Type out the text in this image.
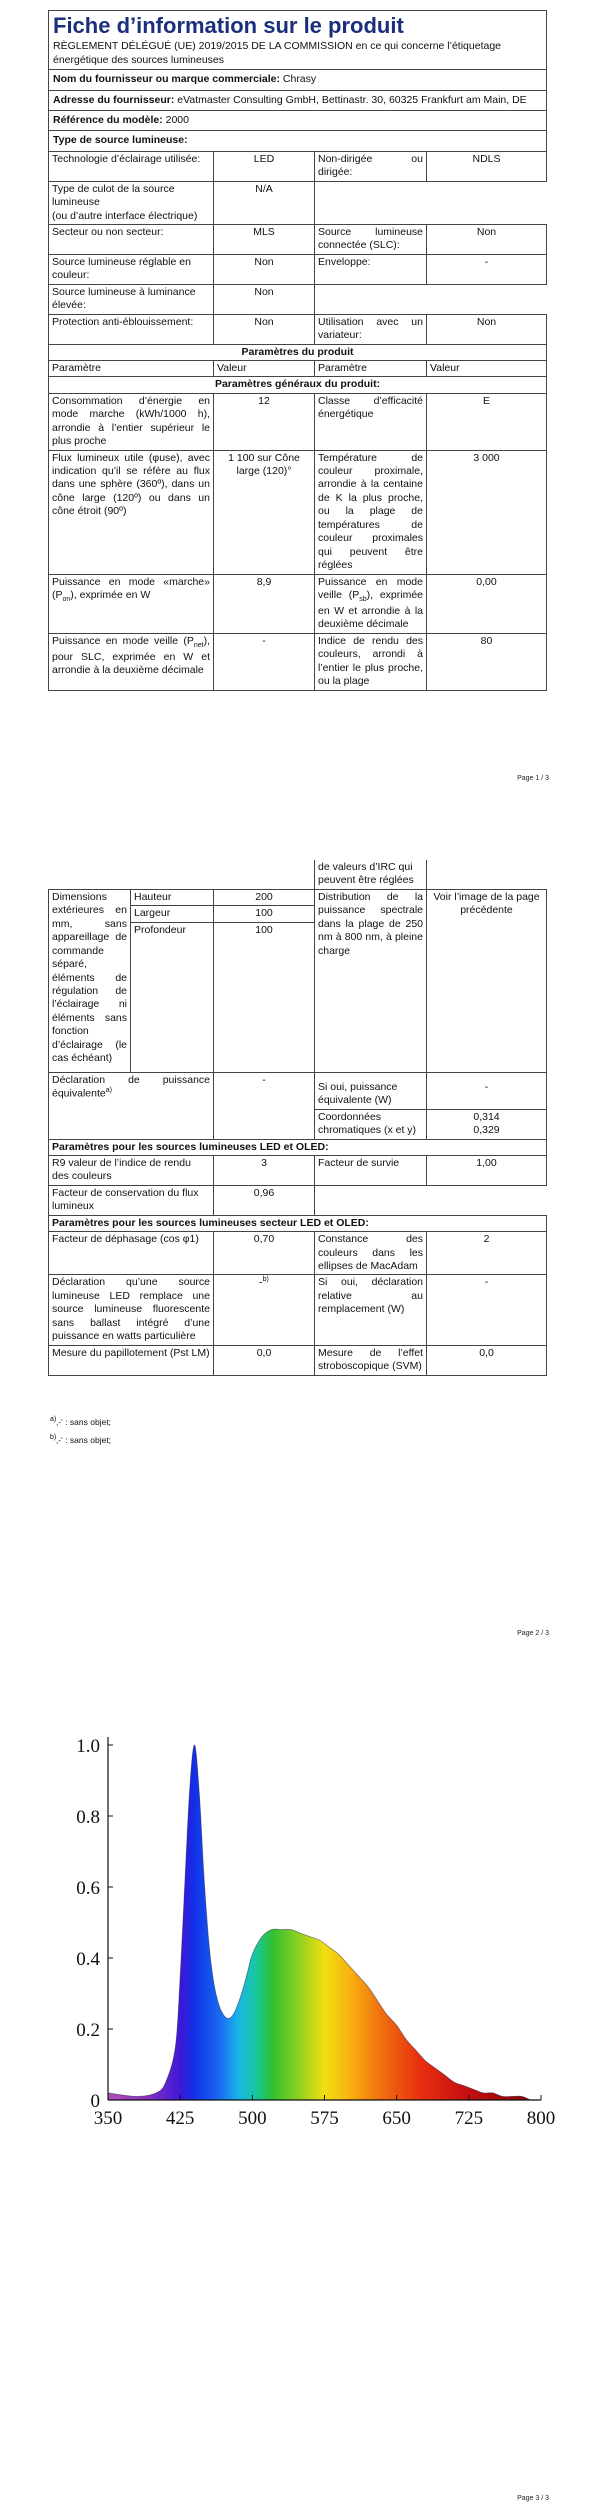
Fiche d’information sur le produit
RÈGLEMENT DÉLÉGUÉ (UE) 2019/2015 DE LA COMMISSION en ce qui concerne l’étiquetage énergétique des sources lumineuses			

Nom du fournisseur ou marque commerciale: Chrasy			
Adresse du fournisseur: eVatmaster Consulting GmbH, Bettinastr. 30, 60325 Frankfurt am Main, DE			
Référence du modèle: 2000			
Type de source lumineuse:			
Technologie d’éclairage utilisée:	LED	Non-dirigée ou dirigée:	NDLS
Type de culot de la source lumineuse
(ou d’autre interface électrique)	N/A		
Secteur ou non secteur:	MLS	Source lumineuse connectée (SLC):	Non
Source lumineuse réglable en couleur:	Non	Enveloppe:	-
Source lumineuse à luminance élevée:	Non		
Protection anti-éblouissement:	Non	Utilisation avec un variateur:	Non
Paramètres du produit			
Paramètre	Valeur	Paramètre	Valeur
Paramètres généraux du produit:			
Consommation d’énergie en mode marche (kWh/1000 h), arrondie à l’entier supérieur le plus proche	12	Classe d’efficacité énergétique	E
Flux lumineux utile (φuse), avec indication qu’il se réfère au flux dans une sphère (360º), dans un cône large (120º) ou dans un cône étroit (90º)	1 100 sur Cône large (120)°	Température de couleur proximale, arrondie à la centaine de K la plus proche, ou la plage de températures de couleur proximales qui peuvent être réglées	3 000
Puissance en mode «marche» $(P_{on})$, exprimée en W	8,9	Puissance en mode veille $(P_{sb})$, exprimée en W et arrondie à la deuxième décimale	0,00
Puissance en mode veille $(P_{net})$, pour SLC, exprimée en W et arrondie à la deuxième décimale	-	Indice de rendu des couleurs, arrondi à l’entier le plus proche, ou la plage	80
Page 1 / 3
			de valeurs d’IRC qui peuvent être réglées	
Dimensions extérieures en mm, sans appareillage de commande séparé, éléments de régulation de l’éclairage ni éléments sans fonction d’éclairage (le cas échéant)	Hauteur	200	Distribution de la puissance spectrale dans la plage de 250 nm à 800 nm, à pleine charge	Voir l’image de la page précédente
	Largeur	100		
	Profondeur	100		
Déclaration de puissance équivalente$^{a)}$		-	Si oui, puissance équivalente (W)	-
			Coordonnées chromatiques (x et y)	0,314
0,329

Paramètres pour les sources lumineuses LED et OLED:				
R9 valeur de l’indice de rendu des couleurs		3	Facteur de survie	1,00
Facteur de conservation du flux lumineux		0,96		
Paramètres pour les sources lumineuses secteur LED et OLED:				
Facteur de déphasage (cos φ1)		0,70	Constance des couleurs dans les ellipses de MacAdam	2
Déclaration qu’une source lumineuse LED remplace une source lumineuse fluorescente sans ballast intégré d’une puissance en watts particulière		-$^{b)}$	Si oui, déclaration relative au remplacement (W)	-
Mesure du papillotement (Pst LM)		0,0	Mesure de l’effet stroboscopique (SVM)	0,0
$^{a)}$‚-‘ : sans objet;
$^{b)}$‚-‘ : sans objet;
Page 2 / 3
350 425 500 575 650 725 800
0
0.2
0.4
0.6
0.8
1.0
Page 3 / 3
